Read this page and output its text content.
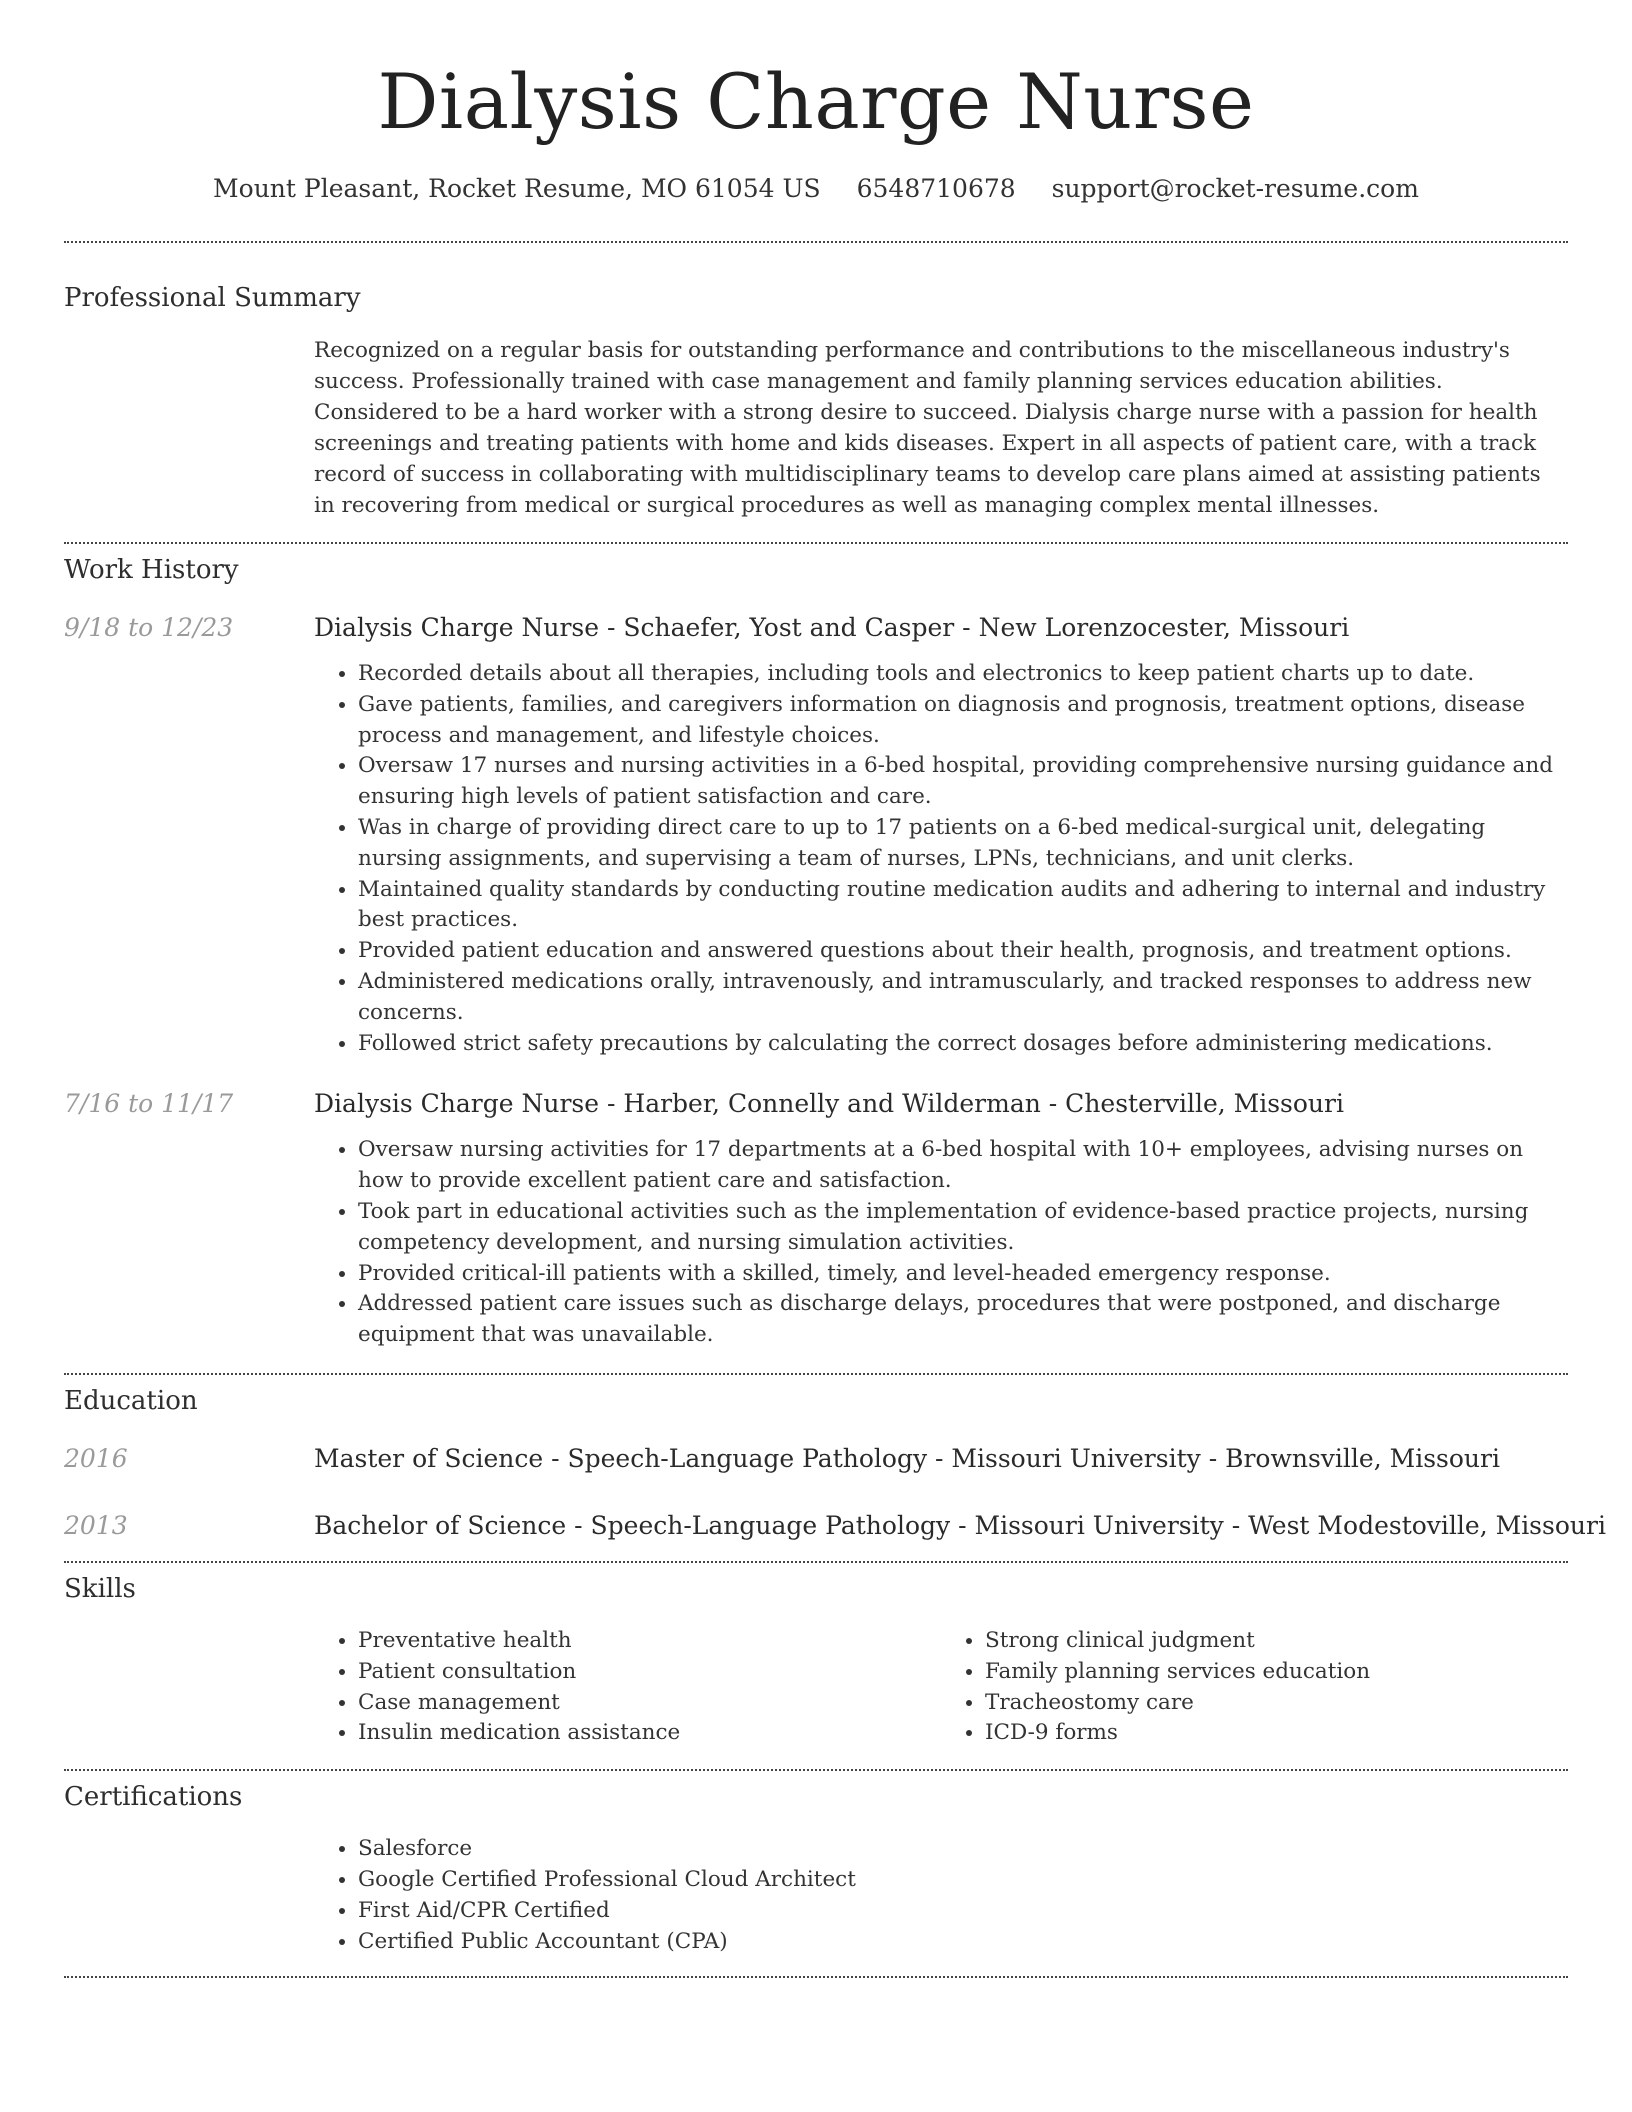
Dialysis Charge Nurse
Mount Pleasant, Rocket Resume, MO 61054 US 6548710678 support@rocket-resume.com
Professional Summary

Recognized on a regular basis for outstanding performance and contributions to the miscellaneous industry's success. Professionally trained with case management and family planning services education abilities. Considered to be a hard worker with a strong desire to succeed. Dialysis charge nurse with a passion for health screenings and treating patients with home and kids diseases. Expert in all aspects of patient care, with a track record of success in collaborating with multidisciplinary teams to develop care plans aimed at assisting patients in recovering from medical or surgical procedures as well as managing complex mental illnesses.

Work History
9/18 to 12/23	Dialysis Charge Nurse - Schaefer, Yost and Casper - New Lorenzocester, Missouri
• Recorded details about all therapies, including tools and electronics to keep patient charts up to date.
• Gave patients, families, and caregivers information on diagnosis and prognosis, treatment options, disease process and management, and lifestyle choices.
• Oversaw 17 nurses and nursing activities in a 6-bed hospital, providing comprehensive nursing guidance and ensuring high levels of patient satisfaction and care.
• Was in charge of providing direct care to up to 17 patients on a 6-bed medical-surgical unit, delegating nursing assignments, and supervising a team of nurses, LPNs, technicians, and unit clerks.
• Maintained quality standards by conducting routine medication audits and adhering to internal and industry best practices.
• Provided patient education and answered questions about their health, prognosis, and treatment options.
• Administered medications orally, intravenously, and intramuscularly, and tracked responses to address new concerns.
• Followed strict safety precautions by calculating the correct dosages before administering medications.
7/16 to 11/17	Dialysis Charge Nurse - Harber, Connelly and Wilderman - Chesterville, Missouri
• Oversaw nursing activities for 17 departments at a 6-bed hospital with 10+ employees, advising nurses on how to provide excellent patient care and satisfaction.
• Took part in educational activities such as the implementation of evidence-based practice projects, nursing competency development, and nursing simulation activities.
• Provided critical-ill patients with a skilled, timely, and level-headed emergency response.
• Addressed patient care issues such as discharge delays, procedures that were postponed, and discharge equipment that was unavailable.
Education
2016	Master of Science - Speech-Language Pathology - Missouri University - Brownsville, Missouri
2013	Bachelor of Science - Speech-Language Pathology - Missouri University - West Modestoville, Missouri
Skills
• Preventative health
• Patient consultation
• Case management
• Insulin medication assistance
• Strong clinical judgment
• Family planning services education
• Tracheostomy care
• ICD-9 forms
Certifications
• Salesforce
• Google Certified Professional Cloud Architect
• First Aid/CPR Certified
• Certified Public Accountant (CPA)
